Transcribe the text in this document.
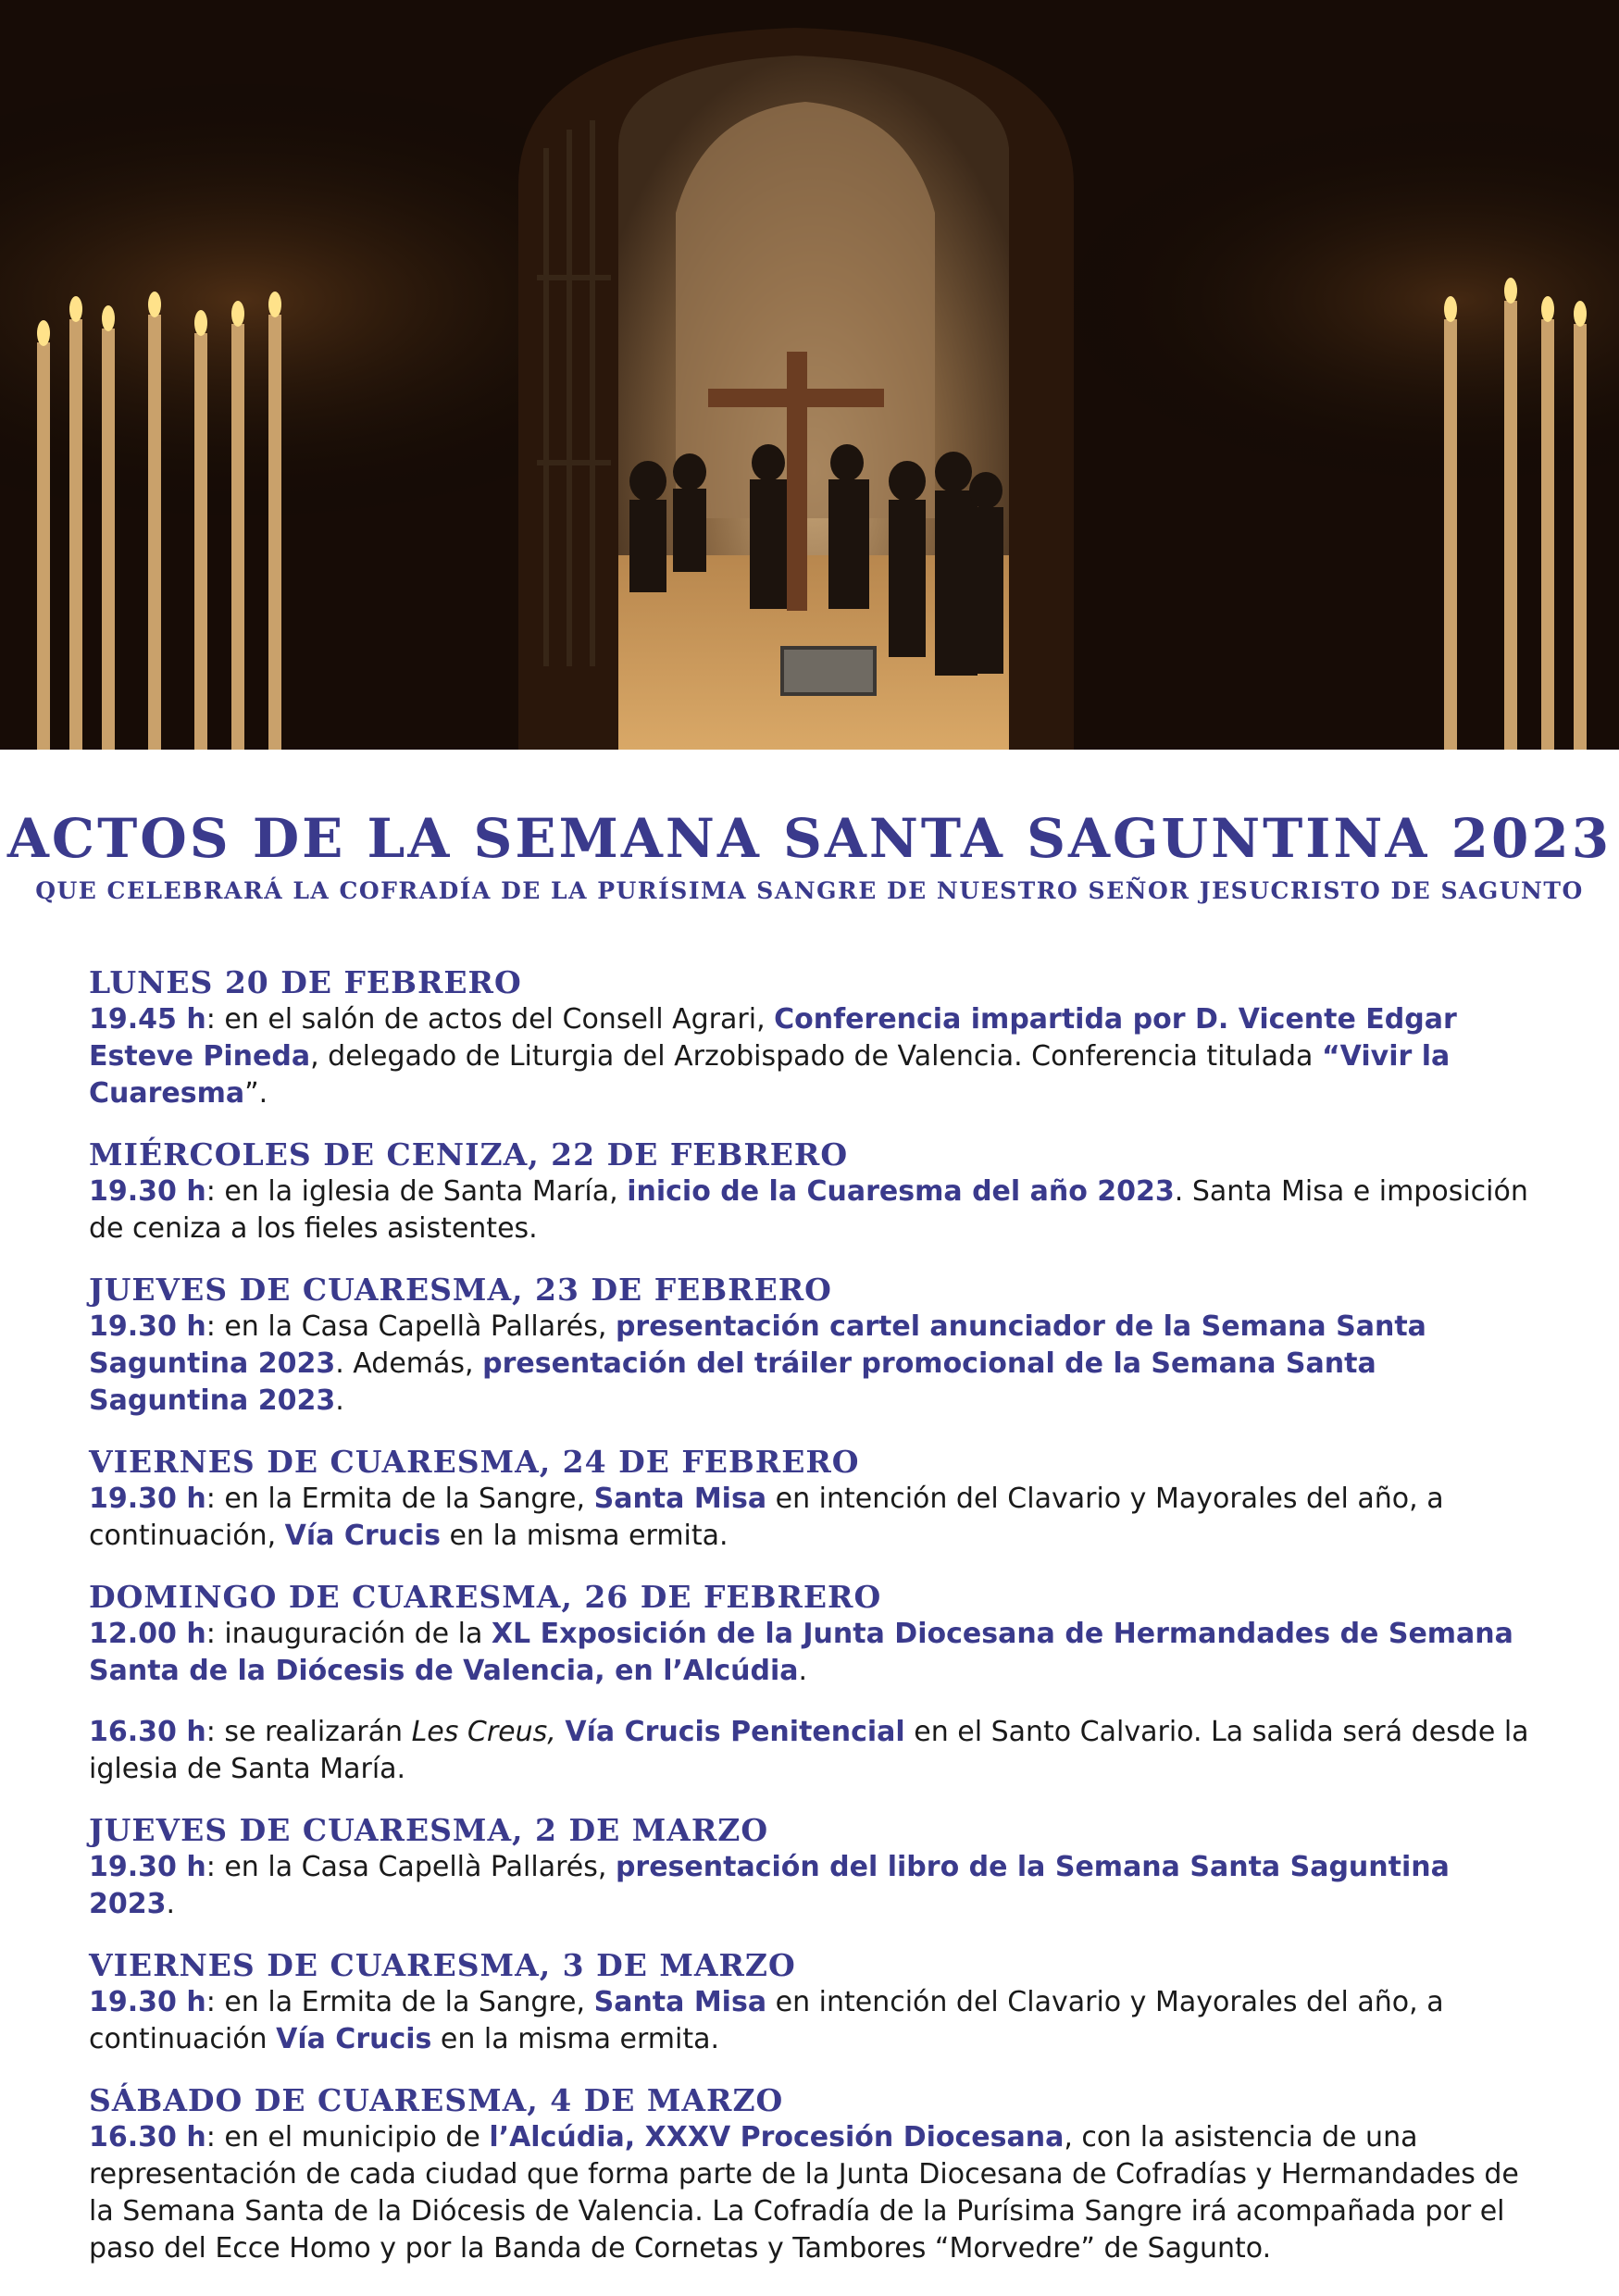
ACTOS DE LA SEMANA SANTA SAGUNTINA 2023
QUE CELEBRARÁ LA COFRADÍA DE LA PURÍSIMA SANGRE DE NUESTRO SEÑOR JESUCRISTO DE SAGUNTO
LUNES 20 DE FEBRERO

19.45 h: en el salón de actos del Consell Agrari, Conferencia impartida por D. Vicente Edgar Esteve Pineda, delegado de Liturgia del Arzobispado de Valencia. Conferencia titulada “Vivir la Cuaresma”.

MIÉRCOLES DE CENIZA, 22 DE FEBRERO

19.30 h: en la iglesia de Santa María, inicio de la Cuaresma del año 2023. Santa Misa e imposición de ceniza a los fieles asistentes.

JUEVES DE CUARESMA, 23 DE FEBRERO

19.30 h: en la Casa Capellà Pallarés, presentación cartel anunciador de la Semana Santa Saguntina 2023. Además, presentación del tráiler promocional de la Semana Santa Saguntina 2023.

VIERNES DE CUARESMA, 24 DE FEBRERO

19.30 h: en la Ermita de la Sangre, Santa Misa en intención del Clavario y Mayorales del año, a continuación, Vía Crucis en la misma ermita.

DOMINGO DE CUARESMA, 26 DE FEBRERO

12.00 h: inauguración de la XL Exposición de la Junta Diocesana de Hermandades de Semana Santa de la Diócesis de Valencia, en l’Alcúdia.

16.30 h: se realizarán Les Creus, Vía Crucis Penitencial en el Santo Calvario. La salida será desde la iglesia de Santa María.

JUEVES DE CUARESMA, 2 DE MARZO

19.30 h: en la Casa Capellà Pallarés, presentación del libro de la Semana Santa Saguntina 2023.

VIERNES DE CUARESMA, 3 DE MARZO

19.30 h: en la Ermita de la Sangre, Santa Misa en intención del Clavario y Mayorales del año, a continuación Vía Crucis en la misma ermita.

SÁBADO DE CUARESMA, 4 DE MARZO

16.30 h: en el municipio de l’Alcúdia, XXXV Procesión Diocesana, con la asistencia de una representación de cada ciudad que forma parte de la Junta Diocesana de Cofradías y Hermandades de la Semana Santa de la Diócesis de Valencia. La Cofradía de la Purísima Sangre irá acompañada por el paso del Ecce Homo y por la Banda de Cornetas y Tambores “Morvedre” de Sagunto.
